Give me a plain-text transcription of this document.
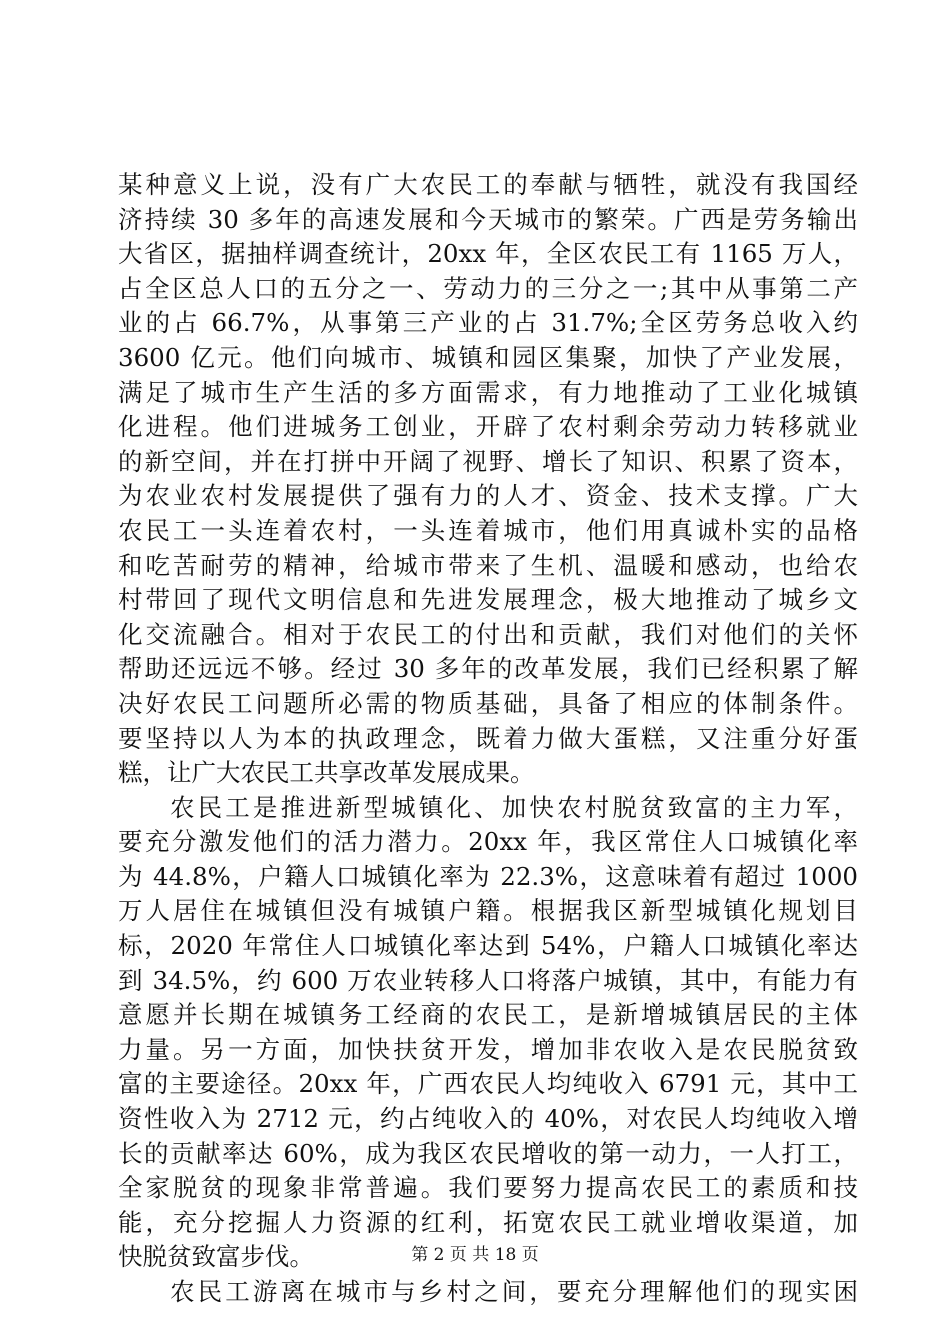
某种意义上说，没有广大农民工的奉献与牺牲，就没有我国经
济持续 30 多年的高速发展和今天城市的繁荣。广西是劳务输出
大省区，据抽样调查统计，20xx 年，全区农民工有 1165 万人，
占全区总人口的五分之一、劳动力的三分之一;其中从事第二产
业的占 66.7%，从事第三产业的占 31.7%;全区劳务总收入约
3600 亿元。他们向城市、城镇和园区集聚，加快了产业发展，
满足了城市生产生活的多方面需求，有力地推动了工业化城镇
化进程。他们进城务工创业，开辟了农村剩余劳动力转移就业
的新空间，并在打拼中开阔了视野、增长了知识、积累了资本，
为农业农村发展提供了强有力的人才、资金、技术支撑。广大
农民工一头连着农村，一头连着城市，他们用真诚朴实的品格
和吃苦耐劳的精神，给城市带来了生机、温暖和感动，也给农
村带回了现代文明信息和先进发展理念，极大地推动了城乡文
化交流融合。相对于农民工的付出和贡献，我们对他们的关怀
帮助还远远不够。经过 30 多年的改革发展，我们已经积累了解
决好农民工问题所必需的物质基础，具备了相应的体制条件。
要坚持以人为本的执政理念，既着力做大蛋糕，又注重分好蛋
糕，让广大农民工共享改革发展成果。
农民工是推进新型城镇化、加快农村脱贫致富的主力军，
要充分激发他们的活力潜力。20xx 年，我区常住人口城镇化率
为 44.8%，户籍人口城镇化率为 22.3%，这意味着有超过 1000
万人居住在城镇但没有城镇户籍。根据我区新型城镇化规划目
标，2020 年常住人口城镇化率达到 54%，户籍人口城镇化率达
到 34.5%，约 600 万农业转移人口将落户城镇，其中，有能力有
意愿并长期在城镇务工经商的农民工，是新增城镇居民的主体
力量。另一方面，加快扶贫开发，增加非农收入是农民脱贫致
富的主要途径。20xx 年，广西农民人均纯收入 6791 元，其中工
资性收入为 2712 元，约占纯收入的 40%，对农民人均纯收入增
长的贡献率达 60%，成为我区农民增收的第一动力，一人打工，
全家脱贫的现象非常普遍。我们要努力提高农民工的素质和技
能，充分挖掘人力资源的红利，拓宽农民工就业增收渠道，加
快脱贫致富步伐。
农民工游离在城市与乡村之间，要充分理解他们的现实困
第 2 页 共 18 页
